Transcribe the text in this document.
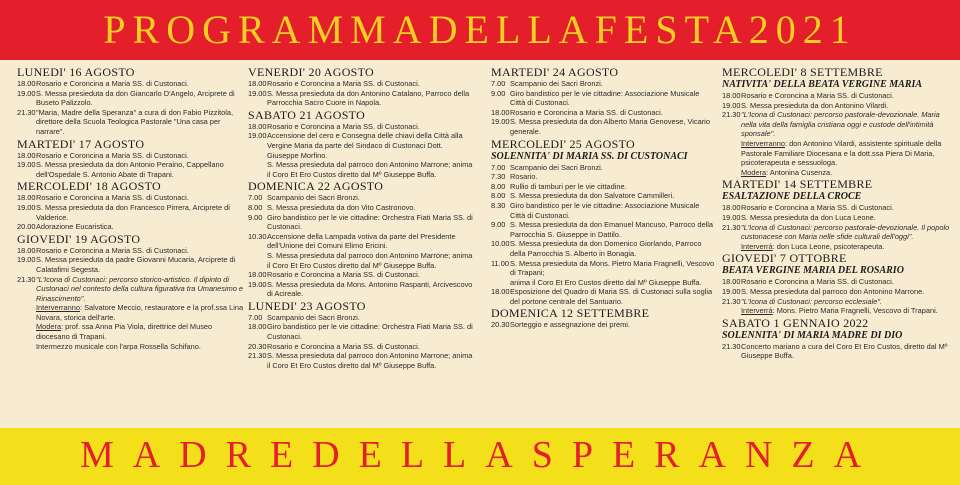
PROGRAMMADELLAFESTA2021
LUNEDI' 16 AGOSTO
18.00 Rosario e Coroncina a Maria SS. di Custonaci.
19.00 S. Messa presieduta da don Giancarlo D'Angelo, Arciprete di Buseto Palizzolo.
21.30 "Maria, Madre della Speranza" a cura di don Fabio Pizzitola, direttore della Scuola Teologica Pastorale "Una casa per narrare".
MARTEDI' 17 AGOSTO
18.00 Rosario e Coroncina a Maria SS. di Custonaci.
19.00 S. Messa presieduta da don Antonio Peraino, Cappellano dell'Ospedale S. Antonio Abate di Trapani.
MERCOLEDI' 18 AGOSTO
18.00 Rosario e Coroncina a Maria SS. di Custonaci.
19.00 S. Messa presieduta da don Francesco Pirrera, Arciprete di Valderice.
20.00 Adorazione Eucaristica.
GIOVEDI' 19 AGOSTO
18.00 Rosario e Coroncina a Maria SS. di Custonaci.
19.00 S. Messa presieduta da padre Giovanni Mucaria, Arciprete di Calatafimi Segesta.
21.30 "L'Icona di Custonaci: percorso storico-artistico. Il dipinto di Custonaci nel contesto della cultura figurativa tra Umanesimo e Rinascimento".
Interverranno: Salvatore Meccio, restauratore e la prof.ssa Lina Novara, storica dell'arte.
Modera: prof. ssa Anna Pia Viola, direttrice del Museo diocesano di Trapani.
Intermezzo musicale con l'arpa Rossella Schifano.
VENERDI' 20 AGOSTO
18.00 Rosario e Coroncina a Maria SS. di Custonaci.
19.00 S. Messa presieduta da don Antonino Catalano, Parroco della Parrocchia Sacro Cuore in Napola.
SABATO 21 AGOSTO
18.00 Rosario e Coroncina a Maria SS. di Custonaci.
19.00 Accensione del cero e Consegna delle chiavi della Città alla Vergine Maria da parte del Sindaco di Custonaci Dott. Giuseppe Morfino.
S. Messa presieduta dal parroco don Antonino Marrone; anima il Coro Et Ero Custos diretto dal Mº Giuseppe Buffa.
DOMENICA 22 AGOSTO
7.00 Scampanio dei Sacri Bronzi.
8.00 S. Messa presieduta da don Vito Castronovo.
9.00 Giro bandistico per le vie cittadine: Orchestra Fiati Maria SS. di Custonaci.
10.30 Accensione della Lampada votiva da parte del Presidente dell'Unione dei Comuni Elimo Ericini.
S. Messa presieduta dal parroco don Antonino Marrone; anima il Coro Et Ero Custos diretto dal Mº Giuseppe Buffa.
18.00 Rosario e Coroncina a Maria SS. di Custonaci.
19.00 S. Messa presieduta da Mons. Antonino Raspanti, Arcivescovo di Acireale.
LUNEDI' 23 AGOSTO
7.00 Scampanio dei Sacri Bronzi.
18.00 Giro bandistico per le vie cittadine: Orchestra Fiati Maria SS. di Custonaci.
20.30 Rosario e Coroncina a Maria SS. di Custonaci.
21.30 S. Messa presieduta dal parroco don Antonino Marrone; anima il Coro Et Ero Custos diretto dal Mº Giuseppe Buffa.
MARTEDI' 24 AGOSTO
7.00 Scampanio dei Sacri Bronzi.
9.00 Giro bandistico per le vie cittadine: Associazione Musicale Città di Custonaci.
18.00 Rosario e Coroncina a Maria SS. di Custonaci.
19.00 S. Messa presieduta da don Alberto Maria Genovese, Vicario generale.
MERCOLEDI' 25 AGOSTO
SOLENNITA' DI MARIA SS. DI CUSTONACI
7.00 Scampanio dei Sacri Bronzi.
7.30 Rosario.
8.00 Rullio di tamburi per le vie cittadine.
8.00 S. Messa presieduta da don Salvatore Cammilleri.
8.30 Giro bandistico per le vie cittadine: Associazione Musicale Città di Custonaci.
9.00 S. Messa presieduta da don Emanuel Mancuso, Parroco della Parrocchia S. Giuseppe in Dattilo.
10.00 S. Messa presieduta da don Domenico Giorlando, Parroco della Parrocchia S. Alberto in Bonagia.
11.00 S. Messa presieduta da Mons. Pietro Maria Fragnelli, Vescovo di Trapani;
anima il Coro Et Ero Custos diretto dal Mº Giuseppe Buffa.
18.00 Esposizione del Quadro di Maria SS. di Custonaci sulla soglia del portone centrale del Santuario.
DOMENICA 12 SETTEMBRE
20.30 Sorteggio e assegnazione dei premi.
MERCOLEDI' 8 SETTEMBRE
NATIVITA' DELLA BEATA VERGINE MARIA
18.00 Rosario e Coroncina a Maria SS. di Custonaci.
19.00 S. Messa presieduta da don Antonino Vilardi.
21.30 "L'Icona di Custonaci: percorso pastorale-devozionale. Maria nella vita della famiglia cristiana oggi e custode dell'intimità sponsale".
Interverranno: don Antonino Vilardi, assistente spirituale della Pastorale Familiare Diocesana e la dott.ssa Piera Di Maria, psicoterapeuta e sessuologa.
Modera: Antonina Cusenza.
MARTEDI' 14 SETTEMBRE
ESALTAZIONE DELLA CROCE
18.00 Rosario e Coroncina a Maria SS. di Custonaci.
19.00 S. Messa presieduta da don Luca Leone.
21.30 "L'Icona di Custonaci: percorso pastorale-devozionale. Il popolo custonacese con Maria nelle sfide culturali dell'oggi".
Interverrà: don Luca Leone, psicoterapeuta.
GIOVEDI' 7 OTTOBRE
BEATA VERGINE MARIA DEL ROSARIO
18.00 Rosario e Coroncina a Maria SS. di Custonaci.
19.00 S. Messa presieduta dal parroco don Antonino Marrone.
21.30 "L'Icona di Custonaci: percorso ecclesiale".
Interverrà: Mons. Pietro Maria Fragnelli, Vescovo di Trapani.
SABATO 1 GENNAIO 2022
SOLENNITA' DI MARIA MADRE DI DIO
21.30 Concerto mariano a cura del Coro Et Ero Custos, diretto dal Mº Giuseppe Buffa.
MADREDELLASPERANZA
